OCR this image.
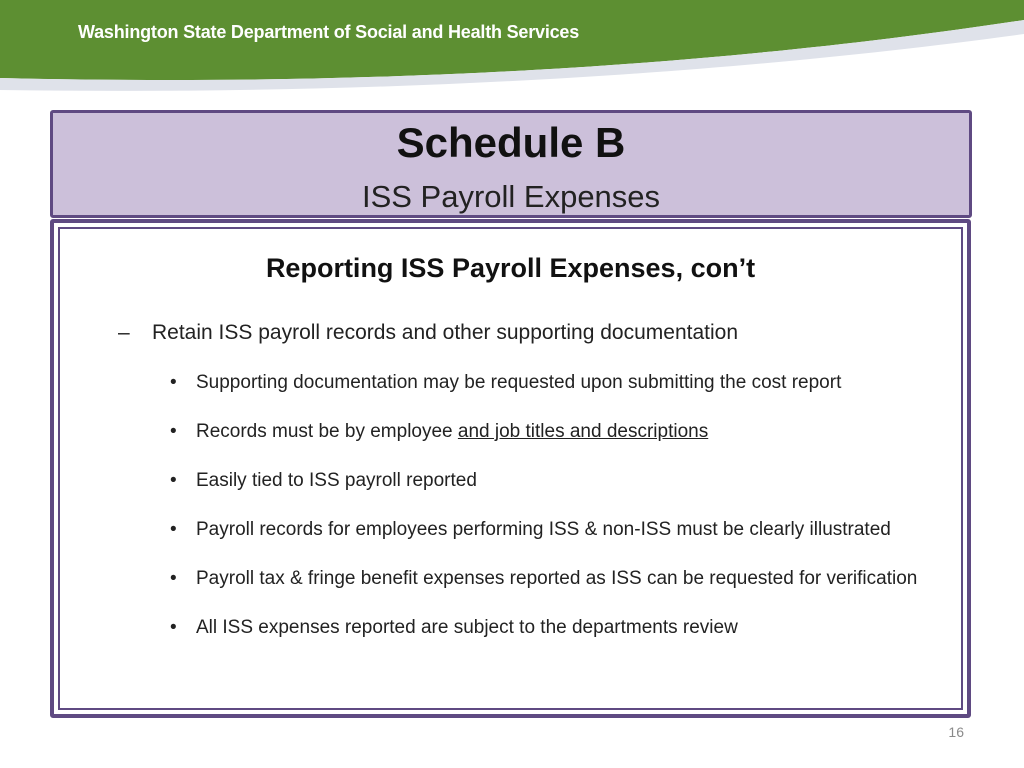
Washington State Department of Social and Health Services
Schedule B
ISS Payroll Expenses
Reporting ISS Payroll Expenses, con’t
– Retain ISS payroll records and other supporting documentation
• Supporting documentation may be requested upon submitting the cost report
• Records must be by employee and job titles and descriptions
• Easily tied to ISS payroll reported
• Payroll records for employees performing ISS & non-ISS must be clearly illustrated
• Payroll tax & fringe benefit expenses reported as ISS can be requested for verification
• All ISS expenses reported are subject to the departments review
16
